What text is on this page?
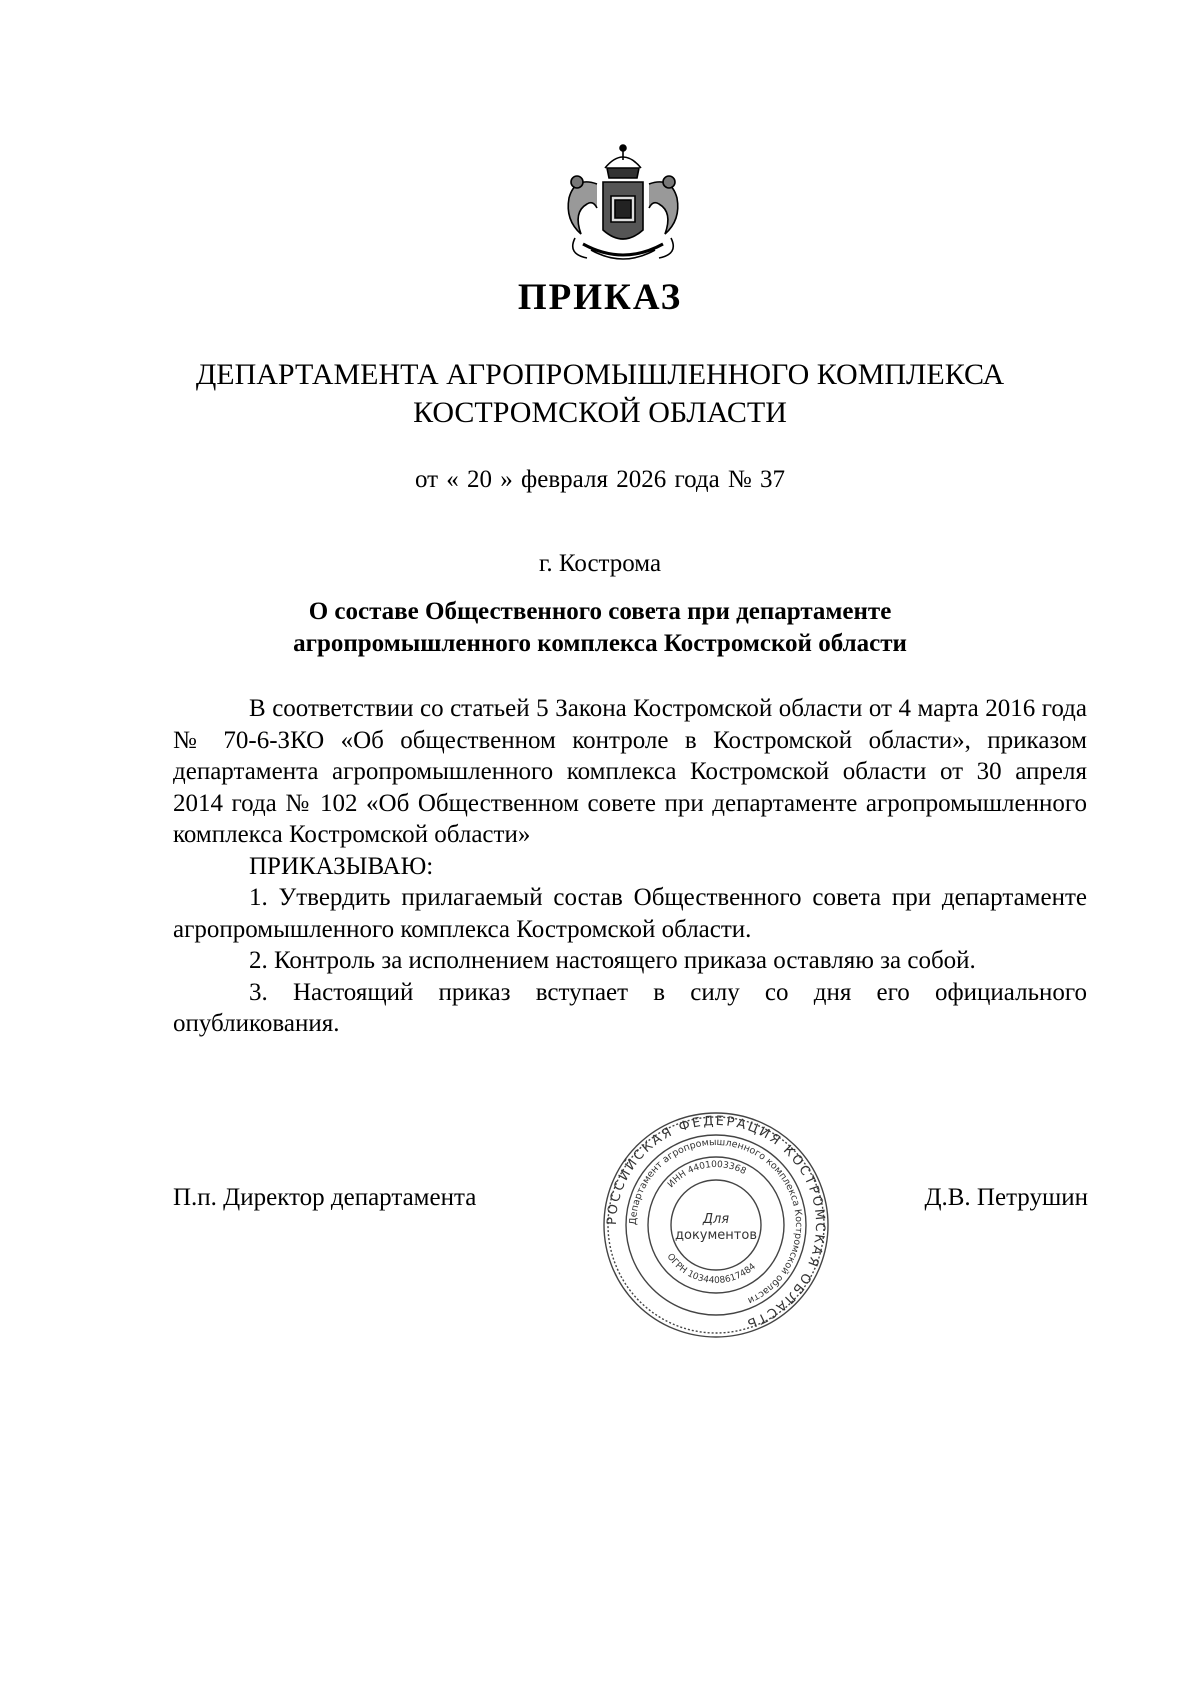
ПРИКАЗ
ДЕПАРТАМЕНТА АГРОПРОМЫШЛЕННОГО КОМПЛЕКСА
КОСТРОМСКОЙ ОБЛАСТИ
от « 20 » февраля 2026 года № 37
г. Кострома
О составе Общественного совета при департаменте
агропромышленного комплекса Костромской области

В соответствии со статьей 5 Закона Костромской области от 4 марта 2016 года № 70-6-ЗКО «Об общественном контроле в Костромской области», приказом департамента агропромышленного комплекса Костромской области от 30 апреля 2014 года № 102 «Об Общественном совете при департаменте агропромышленного комплекса Костромской области»

ПРИКАЗЫВАЮ:

1. Утвердить прилагаемый состав Общественного совета при департаменте агропромышленного комплекса Костромской области.

2. Контроль за исполнением настоящего приказа оставляю за собой.

3. Настоящий приказ вступает в силу со дня его официального опубликования.

П.п. Директор департамента	Д.В. Петрушин
РОССИЙСКАЯ ФЕДЕРАЦИЯ КОСТРОМСКАЯ ОБЛАСТЬ
Департамент агропромышленного комплекса Костромской области
ИНН 4401003368
ОГРН 1034408617484
Для
документов
